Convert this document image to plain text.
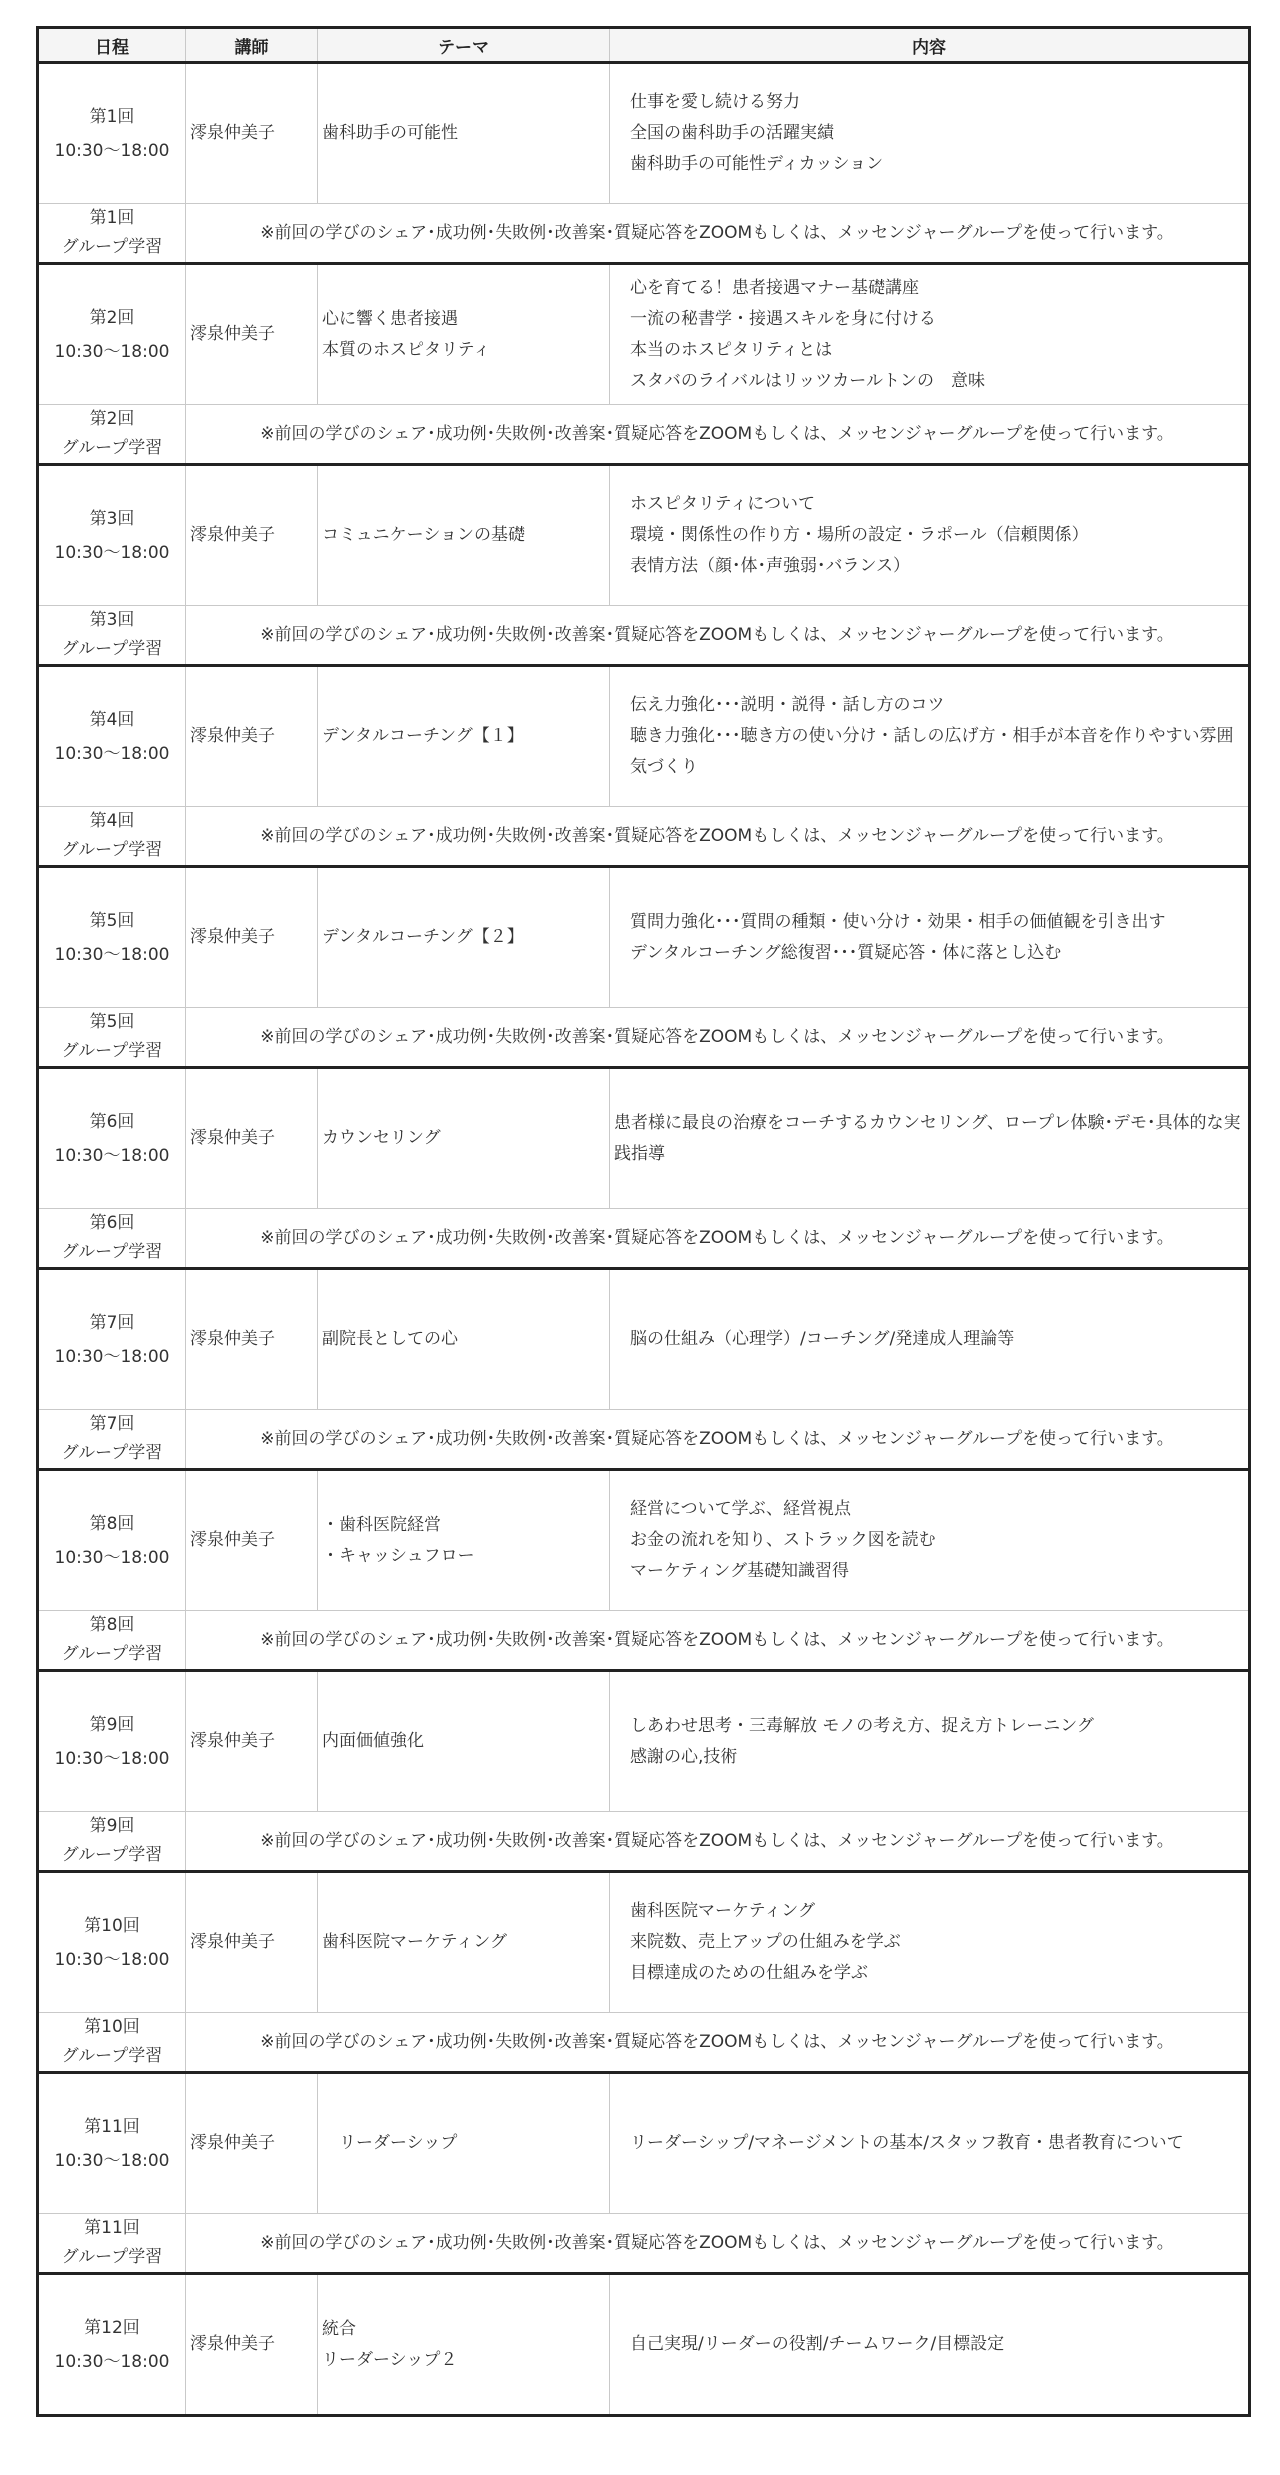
日程	講師	テーマ	内容

第1回
10:30～18:00	澪泉仲美子	歯科助手の可能性	仕事を愛し続ける努力
全国の歯科助手の活躍実績
歯科助手の可能性ディカッション

第1回
グループ学習	※前回の学びのシェア･成功例･失敗例･改善案･質疑応答をZOOMもしくは、メッセンジャーグループを使って行います。		

第2回
10:30～18:00	澪泉仲美子	心に響く患者接遇
本質のホスピタリティ	心を育てる！患者接遇マナー基礎講座
一流の秘書学・接遇スキルを身に付ける
本当のホスピタリティとは
スタバのライバルはリッツカールトンの　意味

第2回
グループ学習	※前回の学びのシェア･成功例･失敗例･改善案･質疑応答をZOOMもしくは、メッセンジャーグループを使って行います。		

第3回
10:30～18:00	澪泉仲美子	コミュニケーションの基礎	ホスピタリティについて
環境・関係性の作り方・場所の設定・ラポール（信頼関係）
表情方法（顔･体･声強弱･バランス）

第3回
グループ学習	※前回の学びのシェア･成功例･失敗例･改善案･質疑応答をZOOMもしくは、メッセンジャーグループを使って行います。		

第4回
10:30～18:00	澪泉仲美子	デンタルコーチング【１】	伝え力強化･･･説明・説得・話し方のコツ
聴き力強化･･･聴き方の使い分け・話しの広げ方・相手が本音を作りやすい雰囲気づくり

第4回
グループ学習	※前回の学びのシェア･成功例･失敗例･改善案･質疑応答をZOOMもしくは、メッセンジャーグループを使って行います。		

第5回
10:30～18:00	澪泉仲美子	デンタルコーチング【２】	質問力強化･･･質問の種類・使い分け・効果・相手の価値観を引き出す
デンタルコーチング総復習･･･質疑応答・体に落とし込む

第5回
グループ学習	※前回の学びのシェア･成功例･失敗例･改善案･質疑応答をZOOMもしくは、メッセンジャーグループを使って行います。		

第6回
10:30～18:00	澪泉仲美子	カウンセリング	患者様に最良の治療をコーチするカウンセリング、ロープレ体験･デモ･具体的な実践指導

第6回
グループ学習	※前回の学びのシェア･成功例･失敗例･改善案･質疑応答をZOOMもしくは、メッセンジャーグループを使って行います。		

第7回
10:30～18:00	澪泉仲美子	副院長としての心	脳の仕組み（心理学）/コーチング/発達成人理論等

第7回
グループ学習	※前回の学びのシェア･成功例･失敗例･改善案･質疑応答をZOOMもしくは、メッセンジャーグループを使って行います。		

第8回
10:30～18:00	澪泉仲美子	・歯科医院経営
・キャッシュフロー	経営について学ぶ、経営視点
お金の流れを知り、ストラック図を読む
マーケティング基礎知識習得

第8回
グループ学習	※前回の学びのシェア･成功例･失敗例･改善案･質疑応答をZOOMもしくは、メッセンジャーグループを使って行います。		

第9回
10:30～18:00	澪泉仲美子	内面価値強化	しあわせ思考・三毒解放 モノの考え方、捉え方トレーニング
感謝の心,技術

第9回
グループ学習	※前回の学びのシェア･成功例･失敗例･改善案･質疑応答をZOOMもしくは、メッセンジャーグループを使って行います。		

第10回
10:30～18:00	澪泉仲美子	歯科医院マーケティング	歯科医院マーケティング
来院数、売上アップの仕組みを学ぶ
目標達成のための仕組みを学ぶ

第10回
グループ学習	※前回の学びのシェア･成功例･失敗例･改善案･質疑応答をZOOMもしくは、メッセンジャーグループを使って行います。		

第11回
10:30～18:00	澪泉仲美子	　リーダーシップ	リーダーシップ/マネージメントの基本/スタッフ教育・患者教育について

第11回
グループ学習	※前回の学びのシェア･成功例･失敗例･改善案･質疑応答をZOOMもしくは、メッセンジャーグループを使って行います。		

第12回
10:30～18:00	澪泉仲美子	統合
リーダーシップ２	自己実現/リーダーの役割/チームワーク/目標設定
